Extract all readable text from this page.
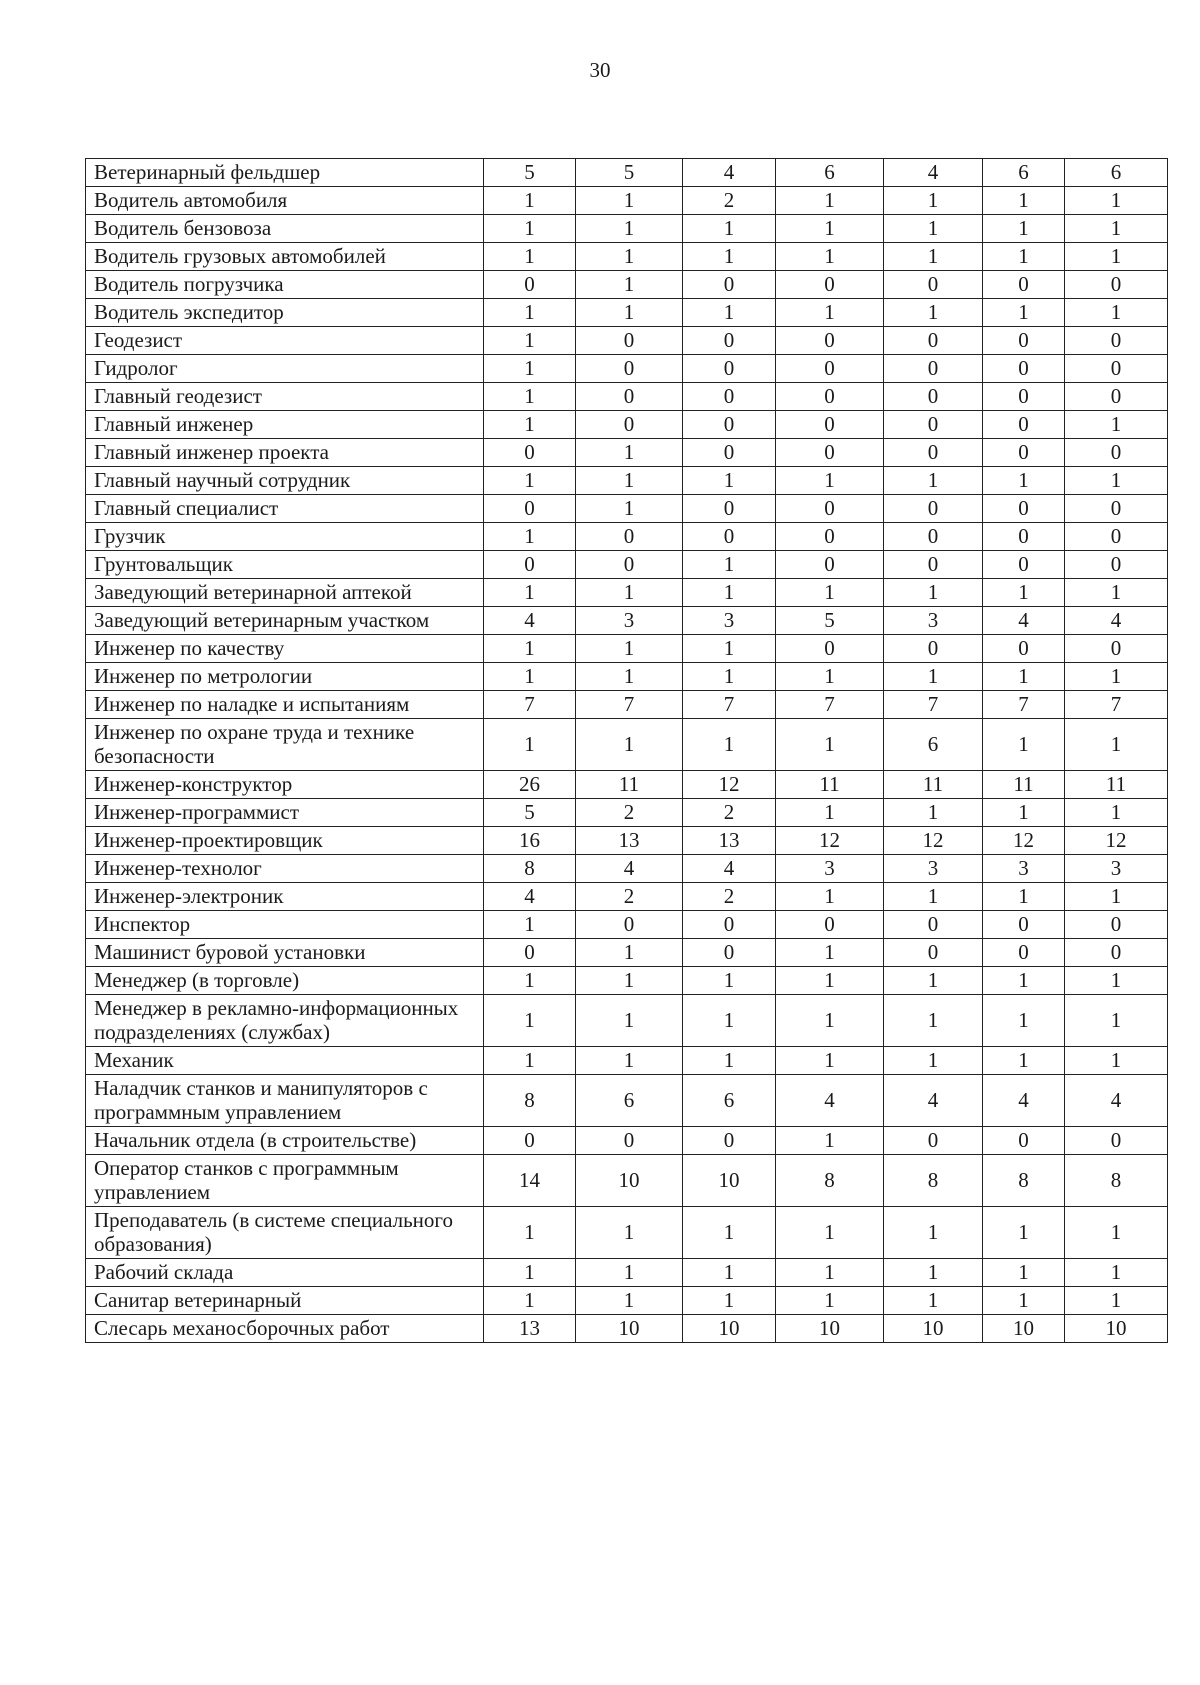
30
Ветеринарный фельдшер	5	5	4	6	4	6	6
Водитель автомобиля	1	1	2	1	1	1	1
Водитель бензовоза	1	1	1	1	1	1	1
Водитель грузовых автомобилей	1	1	1	1	1	1	1
Водитель погрузчика	0	1	0	0	0	0	0
Водитель экспедитор	1	1	1	1	1	1	1
Геодезист	1	0	0	0	0	0	0
Гидролог	1	0	0	0	0	0	0
Главный геодезист	1	0	0	0	0	0	0
Главный инженер	1	0	0	0	0	0	1
Главный инженер проекта	0	1	0	0	0	0	0
Главный научный сотрудник	1	1	1	1	1	1	1
Главный специалист	0	1	0	0	0	0	0
Грузчик	1	0	0	0	0	0	0
Грунтовальщик	0	0	1	0	0	0	0
Заведующий ветеринарной аптекой	1	1	1	1	1	1	1
Заведующий ветеринарным участком	4	3	3	5	3	4	4
Инженер по качеству	1	1	1	0	0	0	0
Инженер по метрологии	1	1	1	1	1	1	1
Инженер по наладке и испытаниям	7	7	7	7	7	7	7
Инженер по охране труда и технике безопасности	1	1	1	1	6	1	1
Инженер-конструктор	26	11	12	11	11	11	11
Инженер-программист	5	2	2	1	1	1	1
Инженер-проектировщик	16	13	13	12	12	12	12
Инженер-технолог	8	4	4	3	3	3	3
Инженер-электроник	4	2	2	1	1	1	1
Инспектор	1	0	0	0	0	0	0
Машинист буровой установки	0	1	0	1	0	0	0
Менеджер (в торговле)	1	1	1	1	1	1	1
Менеджер в рекламно-информационных подразделениях (службах)	1	1	1	1	1	1	1
Механик	1	1	1	1	1	1	1
Наладчик станков и манипуляторов с программным управлением	8	6	6	4	4	4	4
Начальник отдела (в строительстве)	0	0	0	1	0	0	0
Оператор станков с программным управлением	14	10	10	8	8	8	8
Преподаватель (в системе специального образования)	1	1	1	1	1	1	1
Рабочий склада	1	1	1	1	1	1	1
Санитар ветеринарный	1	1	1	1	1	1	1
Слесарь механосборочных работ	13	10	10	10	10	10	10
